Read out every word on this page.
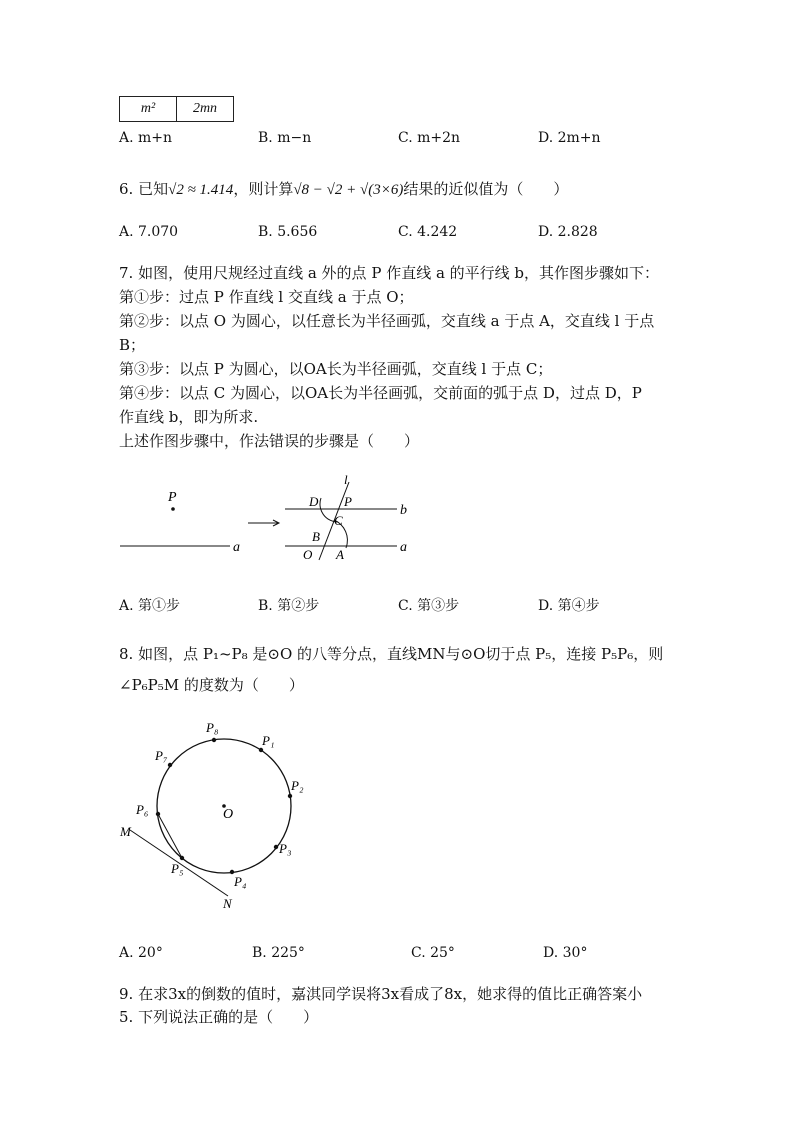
m²	2mn
A. m+n	B. m−n	C. m+2n	D. 2m+n
6. 已知√2 ≈ 1.414，则计算√8 − √2 + √(3×6)结果的近似值为（　　）
A. 7.070	B. 5.656	C. 4.242	D. 2.828
7. 如图，使用尺规经过直线 a 外的点 P 作直线 a 的平行线 b，其作图步骤如下：
第①步：过点 P 作直线 l 交直线 a 于点 O；
第②步：以点 O 为圆心，以任意长为半径画弧，交直线 a 于点 A，交直线 l 于点
B；
第③步：以点 P 为圆心，以OA长为半径画弧，交直线 l 于点 C；
第④步：以点 C 为圆心，以OA长为半径画弧，交前面的弧于点 D，过点 D，P
作直线 b，即为所求.
上述作图步骤中，作法错误的步骤是（　　）
P
a
b
a
l
D P
C
B
O A
A. 第①步	B. 第②步	C. 第③步	D. 第④步
8. 如图，点 P₁~P₈ 是⊙O 的八等分点，直线MN与⊙O切于点 P₅，连接 P₅P₆，则
∠P₆P₅M 的度数为（　　）
O
P₈
P₁
P₇
P₂
P₆
P₃
M
P₅
P₄
N
A. 20°	B. 225°	C. 25°	D. 30°
9. 在求3x的倒数的值时，嘉淇同学误将3x看成了8x，她求得的值比正确答案小
5. 下列说法正确的是（　　）
